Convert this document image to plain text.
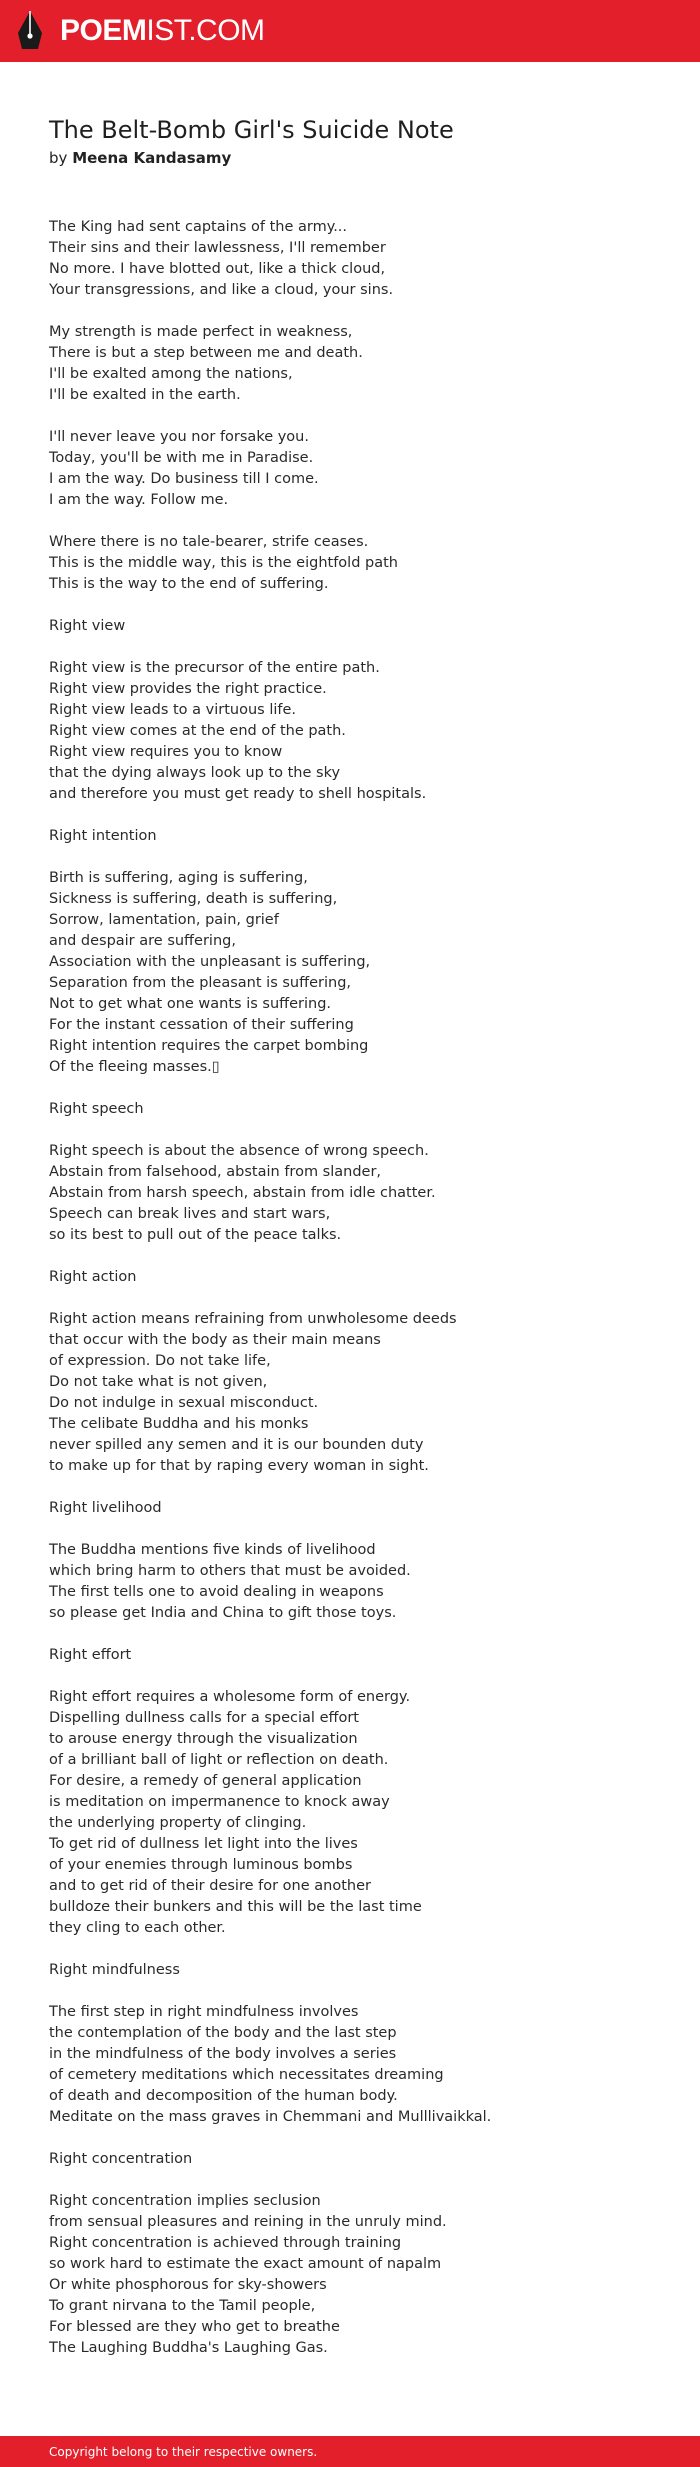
POEMIST.COM
The Belt-Bomb Girl's Suicide Note
by Meena Kandasamy
The King had sent captains of the army...
Their sins and their lawlessness, I'll remember
No more. I have blotted out, like a thick cloud,
Your transgressions, and like a cloud, your sins.
My strength is made perfect in weakness,
There is but a step between me and death.
I'll be exalted among the nations,
I'll be exalted in the earth.
I'll never leave you nor forsake you.
Today, you'll be with me in Paradise.
I am the way. Do business till I come.
I am the way. Follow me.
Where there is no tale-bearer, strife ceases.
This is the middle way, this is the eightfold path
This is the way to the end of suffering.
Right view
Right view is the precursor of the entire path.
Right view provides the right practice.
Right view leads to a virtuous life.
Right view comes at the end of the path.
Right view requires you to know
that the dying always look up to the sky
and therefore you must get ready to shell hospitals.
Right intention
Birth is suffering, aging is suffering,
Sickness is suffering, death is suffering,
Sorrow, lamentation, pain, grief
and despair are suffering,
Association with the unpleasant is suffering,
Separation from the pleasant is suffering,
Not to get what one wants is suffering.
For the instant cessation of their suffering
Right intention requires the carpet bombing
Of the fleeing masses.▯
Right speech
Right speech is about the absence of wrong speech.
Abstain from falsehood, abstain from slander,
Abstain from harsh speech, abstain from idle chatter.
Speech can break lives and start wars,
so its best to pull out of the peace talks.
Right action
Right action means refraining from unwholesome deeds
that occur with the body as their main means
of expression. Do not take life,
Do not take what is not given,
Do not indulge in sexual misconduct.
The celibate Buddha and his monks
never spilled any semen and it is our bounden duty
to make up for that by raping every woman in sight.
Right livelihood
The Buddha mentions five kinds of livelihood
which bring harm to others that must be avoided.
The first tells one to avoid dealing in weapons
so please get India and China to gift those toys.
Right effort
Right effort requires a wholesome form of energy.
Dispelling dullness calls for a special effort
to arouse energy through the visualization
of a brilliant ball of light or reflection on death.
For desire, a remedy of general application
is meditation on impermanence to knock away
the underlying property of clinging.
To get rid of dullness let light into the lives
of your enemies through luminous bombs
and to get rid of their desire for one another
bulldoze their bunkers and this will be the last time
they cling to each other.
Right mindfulness
The first step in right mindfulness involves
the contemplation of the body and the last step
in the mindfulness of the body involves a series
of cemetery meditations which necessitates dreaming
of death and decomposition of the human body.
Meditate on the mass graves in Chemmani and Mulllivaikkal.
Right concentration
Right concentration implies seclusion
from sensual pleasures and reining in the unruly mind.
Right concentration is achieved through training
so work hard to estimate the exact amount of napalm
Or white phosphorous for sky-showers
To grant nirvana to the Tamil people,
For blessed are they who get to breathe
The Laughing Buddha's Laughing Gas.
Copyright belong to their respective owners.
